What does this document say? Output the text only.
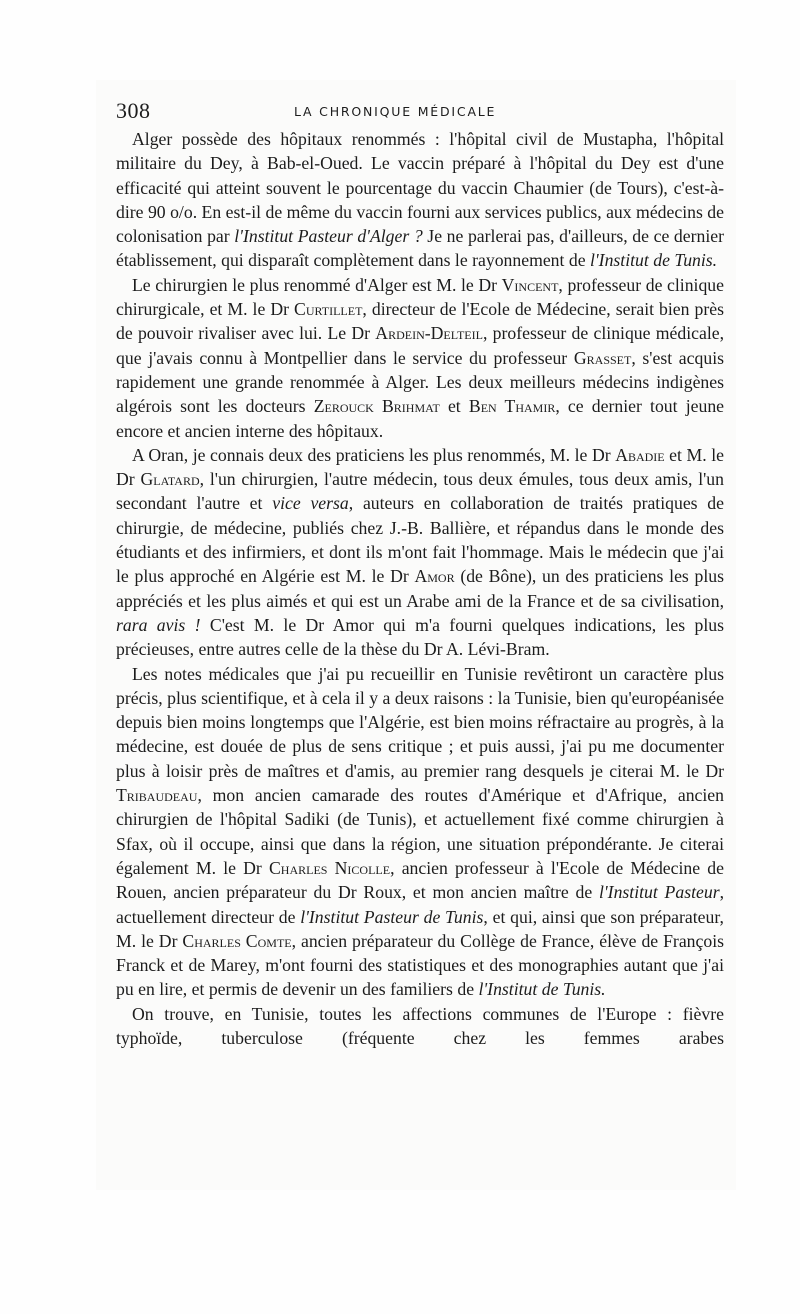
308	LA CHRONIQUE MÉDICALE

Alger possède des hôpitaux renommés : l'hôpital civil de Mustapha, l'hôpital militaire du Dey, à Bab-el-Oued. Le vaccin préparé à l'hôpital du Dey est d'une efficacité qui atteint souvent le pourcentage du vaccin Chaumier (de Tours), c'est-à-dire 90 o/o. En est-il de même du vaccin fourni aux services publics, aux médecins de colonisation par l'Institut Pasteur d'Alger ? Je ne parlerai pas, d'ailleurs, de ce dernier établissement, qui disparaît complètement dans le rayonnement de l'Institut de Tunis.

Le chirurgien le plus renommé d'Alger est M. le Dr Vincent, professeur de clinique chirurgicale, et M. le Dr Curtillet, directeur de l'Ecole de Médecine, serait bien près de pouvoir rivaliser avec lui. Le Dr Ardein-Delteil, professeur de clinique médicale, que j'avais connu à Montpellier dans le service du professeur Grasset, s'est acquis rapidement une grande renommée à Alger. Les deux meilleurs médecins indigènes algérois sont les docteurs Zerouck Brihmat et Ben Thamir, ce dernier tout jeune encore et ancien interne des hôpitaux.

A Oran, je connais deux des praticiens les plus renommés, M. le Dr Abadie et M. le Dr Glatard, l'un chirurgien, l'autre médecin, tous deux émules, tous deux amis, l'un secondant l'autre et vice versa, auteurs en collaboration de traités pratiques de chirurgie, de médecine, publiés chez J.-B. Ballière, et répandus dans le monde des étudiants et des infirmiers, et dont ils m'ont fait l'hommage. Mais le médecin que j'ai le plus approché en Algérie est M. le Dr Amor (de Bône), un des praticiens les plus appréciés et les plus aimés et qui est un Arabe ami de la France et de sa civilisation, rara avis ! C'est M. le Dr Amor qui m'a fourni quelques indications, les plus précieuses, entre autres celle de la thèse du Dr A. Lévi-Bram.

Les notes médicales que j'ai pu recueillir en Tunisie revêtiront un caractère plus précis, plus scientifique, et à cela il y a deux raisons : la Tunisie, bien qu'européanisée depuis bien moins longtemps que l'Algérie, est bien moins réfractaire au progrès, à la médecine, est douée de plus de sens critique ; et puis aussi, j'ai pu me documenter plus à loisir près de maîtres et d'amis, au premier rang desquels je citerai M. le Dr Tribaudeau, mon ancien camarade des routes d'Amérique et d'Afrique, ancien chirurgien de l'hôpital Sadiki (de Tunis), et actuellement fixé comme chirurgien à Sfax, où il occupe, ainsi que dans la région, une situation prépondérante. Je citerai également M. le Dr Charles Nicolle, ancien professeur à l'Ecole de Médecine de Rouen, ancien préparateur du Dr Roux, et mon ancien maître de l'Institut Pasteur, actuellement directeur de l'Institut Pasteur de Tunis, et qui, ainsi que son préparateur, M. le Dr Charles Comte, ancien préparateur du Collège de France, élève de François Franck et de Marey, m'ont fourni des statistiques et des monographies autant que j'ai pu en lire, et permis de devenir un des familiers de l'Institut de Tunis.

On trouve, en Tunisie, toutes les affections communes de l'Europe : fièvre typhoïde, tuberculose (fréquente chez les femmes arabes
